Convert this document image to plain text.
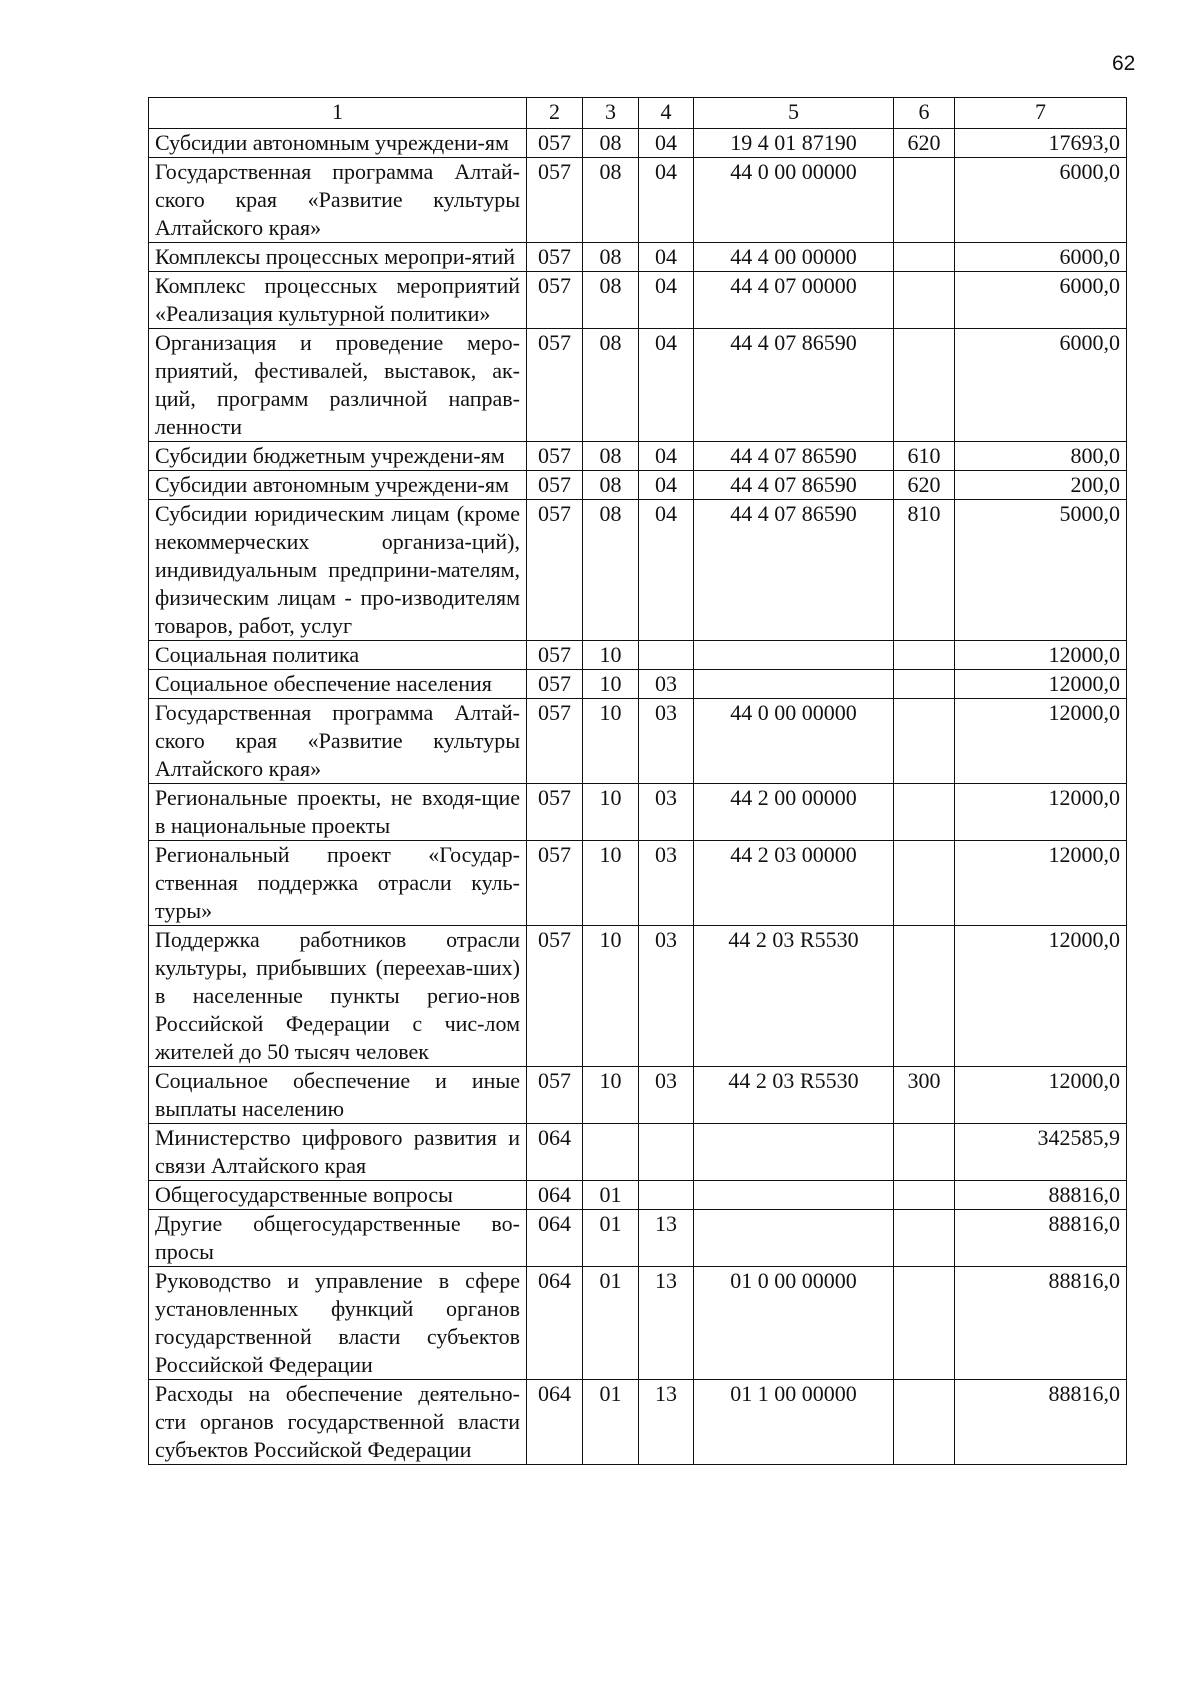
62
1	2	3	4	5	6	7
Субсидии автономным учреждени-ям	057	08	04	19 4 01 87190	620	17693,0
Государственная программа Алтай-ского края «Развитие культуры Алтайского края»	057	08	04	44 0 00 00000		6000,0
Комплексы процессных меропри-ятий	057	08	04	44 4 00 00000		6000,0
Комплекс процессных мероприятий «Реализация культурной политики»	057	08	04	44 4 07 00000		6000,0
Организация и проведение меро-приятий, фестивалей, выставок, ак-ций, программ различной направ-ленности	057	08	04	44 4 07 86590		6000,0
Субсидии бюджетным учреждени-ям	057	08	04	44 4 07 86590	610	800,0
Субсидии автономным учреждени-ям	057	08	04	44 4 07 86590	620	200,0
Субсидии юридическим лицам (кроме некоммерческих организа-ций), индивидуальным предприни-мателям, физическим лицам - про-изводителям товаров, работ, услуг	057	08	04	44 4 07 86590	810	5000,0
Социальная политика	057	10				12000,0
Социальное обеспечение населения	057	10	03			12000,0
Государственная программа Алтай-ского края «Развитие культуры Алтайского края»	057	10	03	44 0 00 00000		12000,0
Региональные проекты, не входя-щие в национальные проекты	057	10	03	44 2 00 00000		12000,0
Региональный проект «Государ-ственная поддержка отрасли куль-туры»	057	10	03	44 2 03 00000		12000,0
Поддержка работников отрасли культуры, прибывших (переехав-ших) в населенные пункты регио-нов Российской Федерации с чис-лом жителей до 50 тысяч человек	057	10	03	44 2 03 R5530		12000,0
Социальное обеспечение и иные выплаты населению	057	10	03	44 2 03 R5530	300	12000,0
Министерство цифрового развития и связи Алтайского края	064					342585,9
Общегосударственные вопросы	064	01				88816,0
Другие общегосударственные во-просы	064	01	13			88816,0
Руководство и управление в сфере установленных функций органов государственной власти субъектов Российской Федерации	064	01	13	01 0 00 00000		88816,0
Расходы на обеспечение деятельно-сти органов государственной власти субъектов Российской Федерации	064	01	13	01 1 00 00000		88816,0
